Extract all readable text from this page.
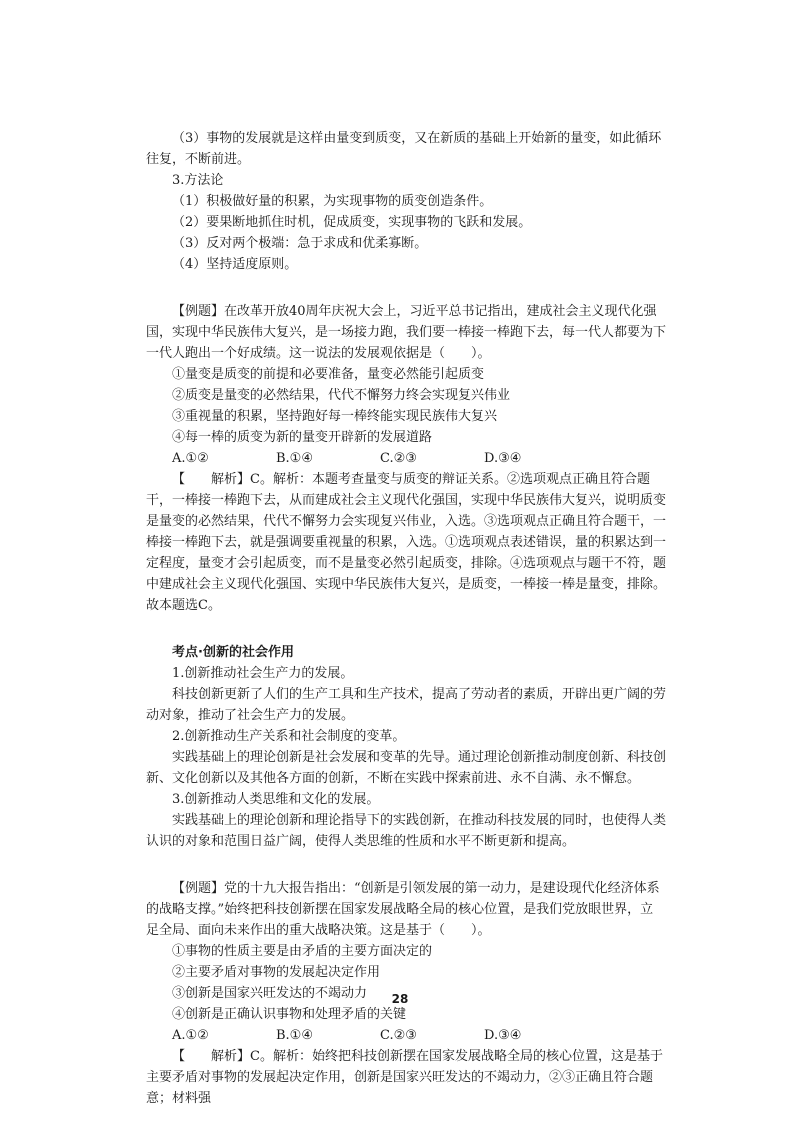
（3）事物的发展就是这样由量变到质变，又在新质的基础上开始新的量变，如此循环往复，不断前进。

3.方法论

（1）积极做好量的积累，为实现事物的质变创造条件。

（2）要果断地抓住时机，促成质变，实现事物的飞跃和发展。

（3）反对两个极端：急于求成和优柔寡断。

（4）坚持适度原则。

【例题】在改革开放40周年庆祝大会上，习近平总书记指出，建成社会主义现代化强国，实现中华民族伟大复兴，是一场接力跑，我们要一棒接一棒跑下去，每一代人都要为下一代人跑出一个好成绩。这一说法的发展观依据是（　　）。

①量变是质变的前提和必要准备，量变必然能引起质变

②质变是量变的必然结果，代代不懈努力终会实现复兴伟业

③重视量的积累，坚持跑好每一棒终能实现民族伟大复兴

④每一棒的质变为新的量变开辟新的发展道路

A.①②	B.①④	C.②③	D.③④

【　　解析】C。解析：本题考查量变与质变的辩证关系。②选项观点正确且符合题干，一棒接一棒跑下去，从而建成社会主义现代化强国，实现中华民族伟大复兴，说明质变是量变的必然结果，代代不懈努力会实现复兴伟业，入选。③选项观点正确且符合题干，一棒接一棒跑下去，就是强调要重视量的积累，入选。①选项观点表述错误，量的积累达到一定程度，量变才会引起质变，而不是量变必然引起质变，排除。④选项观点与题干不符，题中建成社会主义现代化强国、实现中华民族伟大复兴，是质变，一棒接一棒是量变，排除。故本题选C。

考点·创新的社会作用

1.创新推动社会生产力的发展。

科技创新更新了人们的生产工具和生产技术，提高了劳动者的素质，开辟出更广阔的劳动对象，推动了社会生产力的发展。

2.创新推动生产关系和社会制度的变革。

实践基础上的理论创新是社会发展和变革的先导。通过理论创新推动制度创新、科技创新、文化创新以及其他各方面的创新，不断在实践中探索前进、永不自满、永不懈怠。

3.创新推动人类思维和文化的发展。

实践基础上的理论创新和理论指导下的实践创新，在推动科技发展的同时，也使得人类认识的对象和范围日益广阔，使得人类思维的性质和水平不断更新和提高。

【例题】党的十九大报告指出：“创新是引领发展的第一动力，是建设现代化经济体系的战略支撑。”始终把科技创新摆在国家发展战略全局的核心位置，是我们党放眼世界，立足全局、面向未来作出的重大战略决策。这是基于（　　）。

①事物的性质主要是由矛盾的主要方面决定的

②主要矛盾对事物的发展起决定作用

③创新是国家兴旺发达的不竭动力

④创新是正确认识事物和处理矛盾的关键

A.①②	B.①④	C.②③	D.③④

【　　解析】C。解析：始终把科技创新摆在国家发展战略全局的核心位置，这是基于主要矛盾对事物的发展起决定作用，创新是国家兴旺发达的不竭动力，②③正确且符合题意；材料强

28
